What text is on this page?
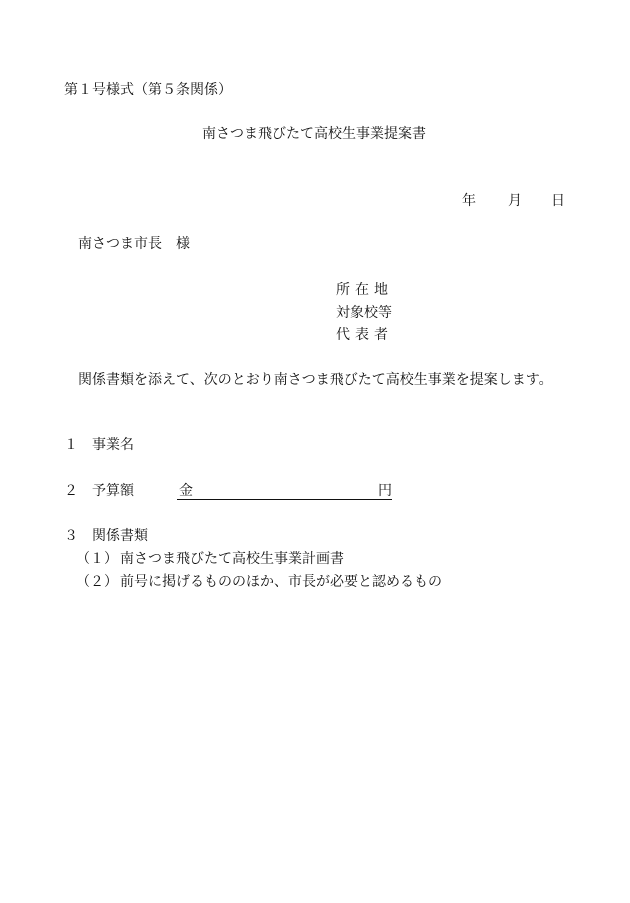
第１号様式（第５条関係）
南さつま飛びたて高校生事業提案書
年 月 日
南さつま市長　様
所在地
対象校等
代表者
関係書類を添えて、次のとおり南さつま飛びたて高校生事業を提案します。
１ 事業名
２ 予算額	金	円
３ 関係書類
（１） 南さつま飛びたて高校生事業計画書
（２） 前号に掲げるもののほか、市長が必要と認めるもの
